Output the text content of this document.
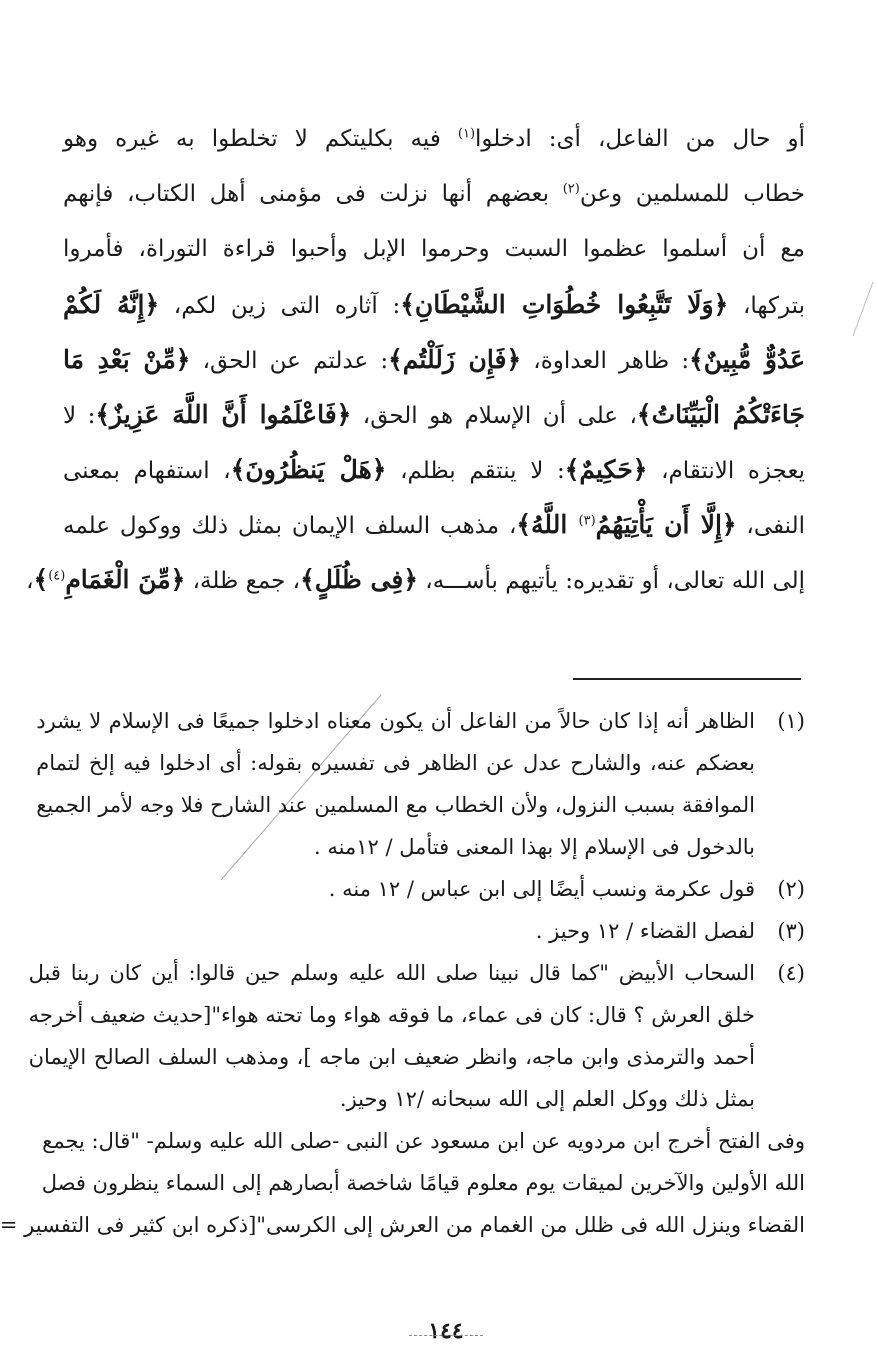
أو حال من الفاعل، أى: ادخلوا$^{(١)}$ فيه بكليتكم لا تخلطوا به غيره وهو
خطاب للمسلمين وعن$^{(٢)}$ بعضهم أنها نزلت فى مؤمنى أهل الكتاب، فإنهم
مع أن أسلموا عظموا السبت وحرموا الإبل وأحبوا قراءة التوراة، فأمروا
بتركها، ﴿وَلَا تَتَّبِعُوا خُطُوَاتِ الشَّيْطَانِ﴾: آثاره التى زين لكم، ﴿إِنَّهُ لَكُمْ
عَدُوٌّ مُّبِينٌ﴾: ظاهر العداوة، ﴿فَإِن زَلَلْتُم﴾: عدلتم عن الحق، ﴿مِّنْ بَعْدِ مَا
جَاءَتْكُمُ الْبَيِّنَاتُ﴾، على أن الإسلام هو الحق، ﴿فَاعْلَمُوا أَنَّ اللَّهَ عَزِيزٌ﴾: لا
يعجزه الانتقام، ﴿حَكِيمٌ﴾: لا ينتقم بظلم، ﴿هَلْ يَنظُرُونَ﴾، استفهام بمعنى
النفى، ﴿إِلَّا أَن يَأْتِيَهُمُ$^{(٣)}$ اللَّهُ﴾، مذهب السلف الإيمان بمثل ذلك ووكول علمه
إلى الله تعالى، أو تقديره: يأتيهم بأســـه، ﴿فِى ظُلَلٍ﴾، جمع ظلة، ﴿مِّنَ الْغَمَامِ$^{(٤)}$﴾،
(١)
الظاهر أنه إذا كان حالاً من الفاعل أن يكون معناه ادخلوا جميعًا فى الإسلام لا يشرد
بعضكم عنه، والشارح عدل عن الظاهر فى تفسيره بقوله: أى ادخلوا فيه إلخ لتمام
الموافقة بسبب النزول، ولأن الخطاب مع المسلمين عند الشارح فلا وجه لأمر الجميع
بالدخول فى الإسلام إلا بهذا المعنى فتأمل / ١٢منه .
(٢)
قول عكرمة ونسب أيضًا إلى ابن عباس / ١٢ منه .
(٣)
لفصل القضاء / ١٢ وحيز .
(٤)
السحاب الأبيض "كما قال نبينا صلى الله عليه وسلم حين قالوا: أين كان ربنا قبل
خلق العرش ؟ قال: كان فى عماء، ما فوقه هواء وما تحته هواء"[حديث ضعيف أخرجه
أحمد والترمذى وابن ماجه، وانظر ضعيف ابن ماجه ]، ومذهب السلف الصالح الإيمان
بمثل ذلك ووكل العلم إلى الله سبحانه /١٢ وحيز.
وفى الفتح أخرج ابن مردويه عن ابن مسعود عن النبى -صلى الله عليه وسلم- "قال: يجمع
الله الأولين والآخرين لميقات يوم معلوم قيامًا شاخصة أبصارهم إلى السماء ينظرون فصل
القضاء وينزل الله فى ظلل من الغمام من العرش إلى الكرسى"[ذكره ابن كثير فى التفسير =
١٤٤
